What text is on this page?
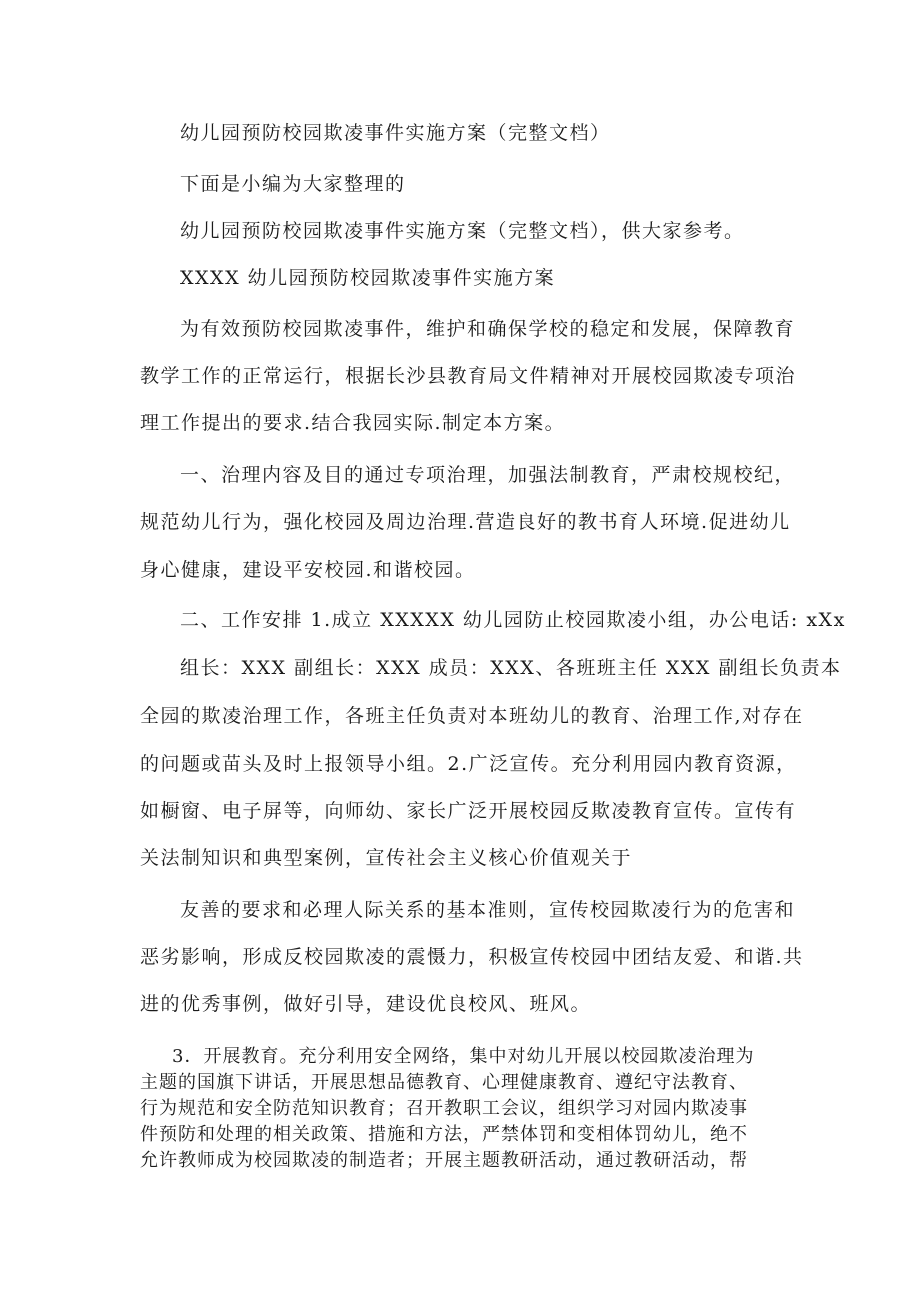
幼儿园预防校园欺凌事件实施方案（完整文档）
下面是小编为大家整理的
幼儿园预防校园欺凌事件实施方案（完整文档），供大家参考。
XXXX 幼儿园预防校园欺凌事件实施方案
为有效预防校园欺凌事件，维护和确保学校的稳定和发展，保障教育
教学工作的正常运行，根据长沙县教育局文件精神对开展校园欺凌专项治
理工作提出的要求.结合我园实际.制定本方案。
一、治理内容及目的通过专项治理，加强法制教育，严肃校规校纪，
规范幼儿行为，强化校园及周边治理.营造良好的教书育人环境.促进幼儿
身心健康，建设平安校园.和谐校园。
二、工作安排 1.成立 XXXXX 幼儿园防止校园欺凌小组，办公电话: xXx
组长：XXX 副组长：XXX 成员：XXX、各班班主任 XXX 副组长负责本
全园的欺凌治理工作，各班主任负责对本班幼儿的教育、治理工作,对存在
的问题或苗头及时上报领导小组。2.广泛宣传。充分利用园内教育资源，
如橱窗、电子屏等，向师幼、家长广泛开展校园反欺凌教育宣传。宣传有
关法制知识和典型案例，宣传社会主义核心价值观关于
友善的要求和必理人际关系的基本准则，宣传校园欺凌行为的危害和
恶劣影响，形成反校园欺凌的震慑力，积极宣传校园中团结友爱、和谐.共
进的优秀事例，做好引导，建设优良校风、班风。
3．开展教育。充分利用安全网络，集中对幼儿开展以校园欺凌治理为
主题的国旗下讲话，开展思想品德教育、心理健康教育、遵纪守法教育、
行为规范和安全防范知识教育；召开教职工会议，组织学习对园内欺凌事
件预防和处理的相关政策、措施和方法，严禁体罚和变相体罚幼儿，绝不
允许教师成为校园欺凌的制造者；开展主题教研活动，通过教研活动，帮
